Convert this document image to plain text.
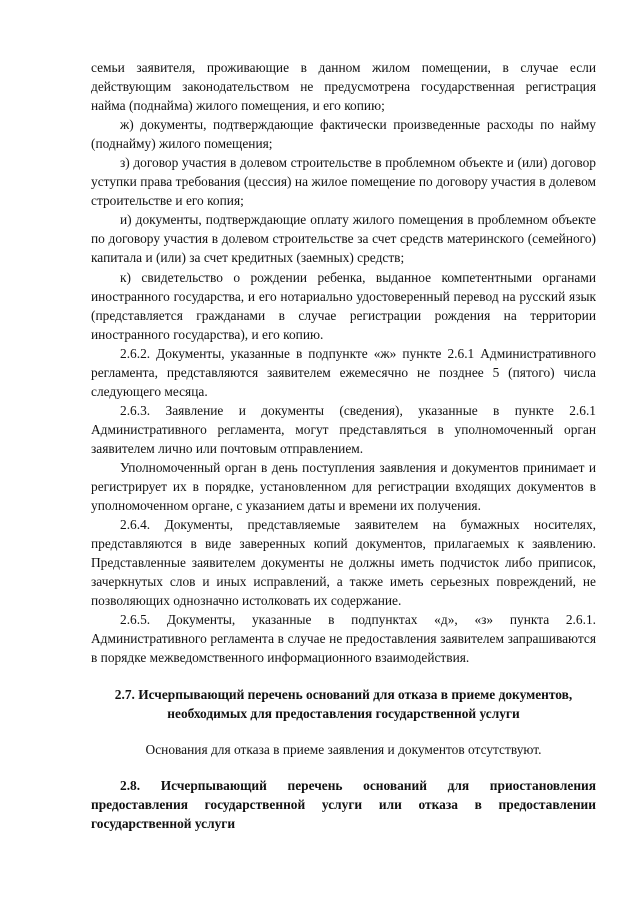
семьи заявителя, проживающие в данном жилом помещении, в случае если действующим законодательством не предусмотрена государственная регистрация найма (поднайма) жилого помещения, и его копию;

ж) документы, подтверждающие фактически произведенные расходы по найму (поднайму) жилого помещения;

з) договор участия в долевом строительстве в проблемном объекте и (или) договор уступки права требования (цессия) на жилое помещение по договору участия в долевом строительстве и его копия;

и) документы, подтверждающие оплату жилого помещения в проблемном объекте по договору участия в долевом строительстве за счет средств материнского (семейного) капитала и (или) за счет кредитных (заемных) средств;

к) свидетельство о рождении ребенка, выданное компетентными органами иностранного государства, и его нотариально удостоверенный перевод на русский язык (представляется гражданами в случае регистрации рождения на территории иностранного государства), и его копию.

2.6.2. Документы, указанные в подпункте «ж» пункте 2.6.1 Административного регламента, представляются заявителем ежемесячно не позднее 5 (пятого) числа следующего месяца.

2.6.3. Заявление и документы (сведения), указанные в пункте 2.6.1 Административного регламента, могут представляться в уполномоченный орган заявителем лично или почтовым отправлением.

Уполномоченный орган в день поступления заявления и документов принимает и регистрирует их в порядке, установленном для регистрации входящих документов в уполномоченном органе, с указанием даты и времени их получения.

2.6.4. Документы, представляемые заявителем на бумажных носителях, представляются в виде заверенных копий документов, прилагаемых к заявлению. Представленные заявителем документы не должны иметь подчисток либо приписок, зачеркнутых слов и иных исправлений, а также иметь серьезных повреждений, не позволяющих однозначно истолковать их содержание.

2.6.5. Документы, указанные в подпунктах «д», «з» пункта 2.6.1. Административного регламента в случае не предоставления заявителем запрашиваются в порядке межведомственного информационного взаимодействия.

2.7. Исчерпывающий перечень оснований для отказа в приеме документов, необходимых для предоставления государственной услуги

Основания для отказа в приеме заявления и документов отсутствуют.

2.8. Исчерпывающий перечень оснований для приостановления предоставления государственной услуги или отказа в предоставлении государственной услуги
